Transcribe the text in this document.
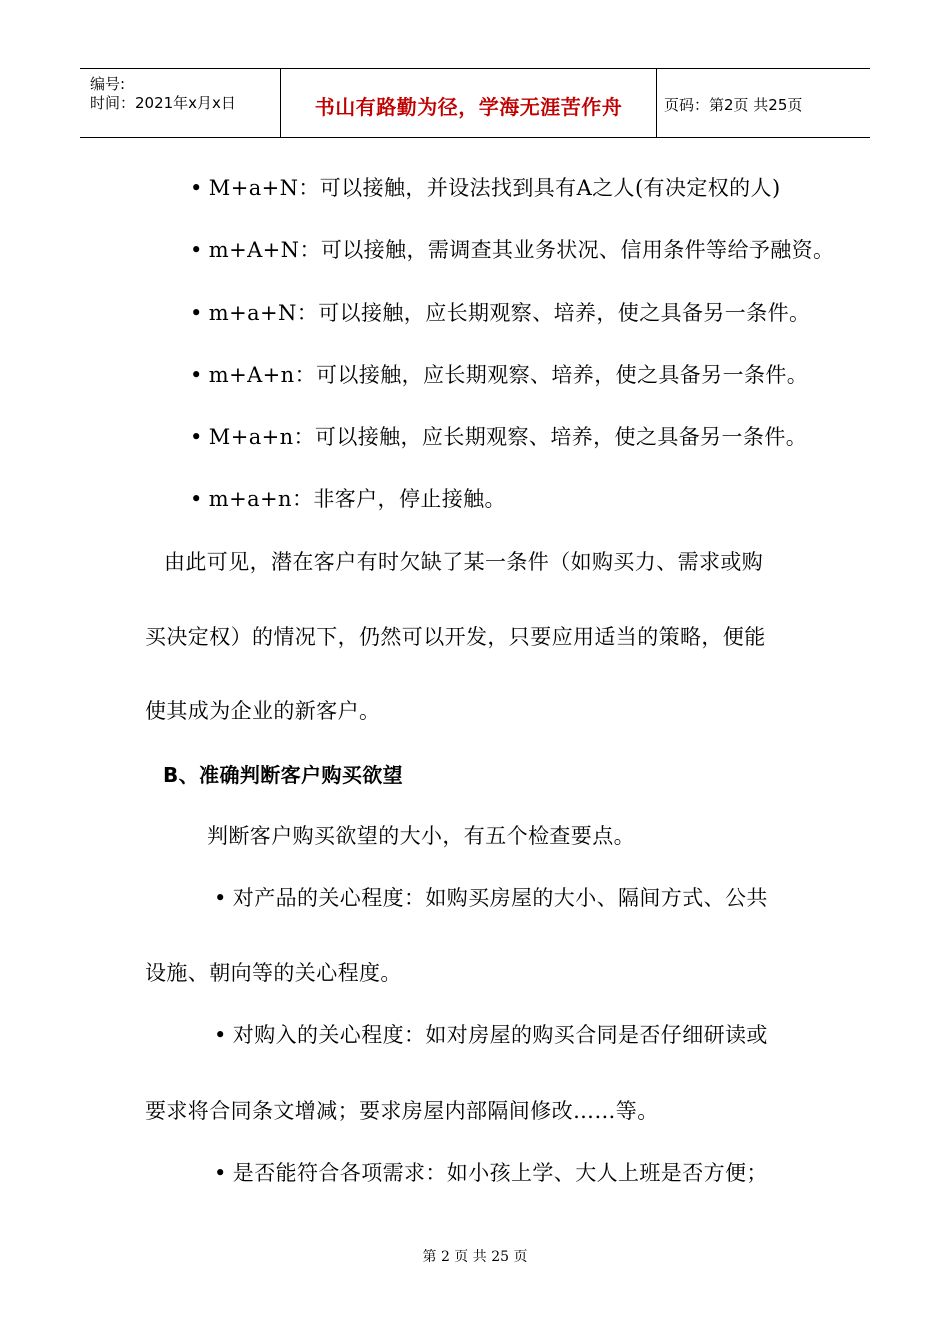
编号:
时间：2021年x月x日	书山有路勤为径，学海无涯苦作舟	页码：第2页 共25页
• M+a+N：可以接触，并设法找到具有A之人(有决定权的人)
• m+A+N：可以接触，需调查其业务状况、信用条件等给予融资。
• m+a+N：可以接触，应长期观察、培养，使之具备另一条件。
• m+A+n：可以接触，应长期观察、培养，使之具备另一条件。
• M+a+n：可以接触，应长期观察、培养，使之具备另一条件。
• m+a+n：非客户，停止接触。
由此可见，潜在客户有时欠缺了某一条件（如购买力、需求或购
买决定权）的情况下，仍然可以开发，只要应用适当的策略，便能
使其成为企业的新客户。
B、准确判断客户购买欲望
判断客户购买欲望的大小，有五个检查要点。
• 对产品的关心程度：如购买房屋的大小、隔间方式、公共
设施、朝向等的关心程度。
• 对购入的关心程度：如对房屋的购买合同是否仔细研读或
要求将合同条文增减；要求房屋内部隔间修改……等。
• 是否能符合各项需求：如小孩上学、大人上班是否方便；
第 2 页 共 25 页
